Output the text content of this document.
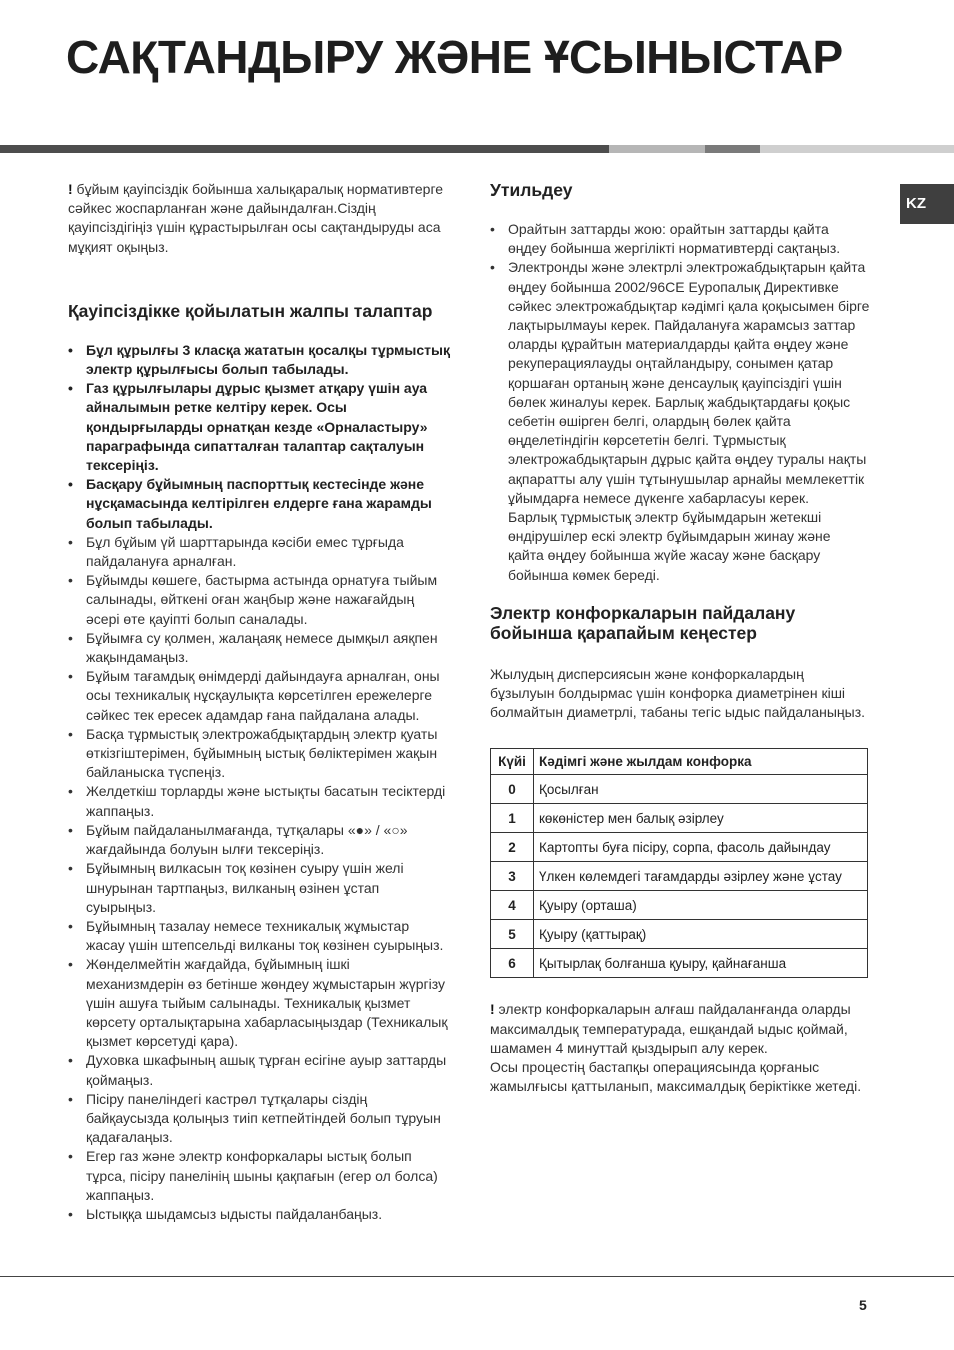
САҚТАНДЫРУ ЖӘНЕ ҰСЫНЫСТАР
KZ

! бұйым қауіпсіздік бойынша халықаралық нормативтерге сәйкес жоспарланған және дайындалған.Сіздің қауіпсіздігіңіз үшін құрастырылған осы сақтандыруды аса мұқият оқыңыз.

Қауіпсіздікке қойылатын жалпы талаптар
• Бұл құрылғы 3 класқа жататын қосалқы тұрмыстық электр құрылғысы болып табылады.
• Газ құрылғылары дұрыс қызмет атқару үшін ауа айналымын ретке келтіру керек. Осы қондырғыларды орнатқан кезде «Орналастыру» параграфында сипатталған талаптар сақталуын тексеріңіз.
• Басқару бұйымның паспорттық кестесінде және нұсқамасында келтірілген елдерге ғана жарамды болып табылады.
• Бұл бұйым үй шарттарында кәсіби емес тұрғыда пайдалануға арналған.
• Бұйымды көшеге, бастырма астында орнатуға тыйым салынады, өйткені оған жаңбыр және нажағайдың әсері өте қауіпті болып саналады.
• Бұйымға су қолмен, жалаңаяқ немесе дымқыл аяқпен жақындамаңыз.
• Бұйым тағамдық өнімдерді дайындауға арналған, оны осы техникалық нұсқаулықта көрсетілген ережелерге сәйкес тек ересек адамдар ғана пайдалана алады.
• Басқа тұрмыстық электрожабдықтардың электр қуаты өткізгіштерімен, бұйымның ыстық бөліктерімен жақын байланыска түспеңіз.
• Желдеткіш торларды және ыстықты басатын тесіктерді жаппаңыз.
• Бұйым пайдаланылмағанда, тұтқалары «●» / «○» жағдайында болуын ылғи тексеріңіз.
• Бұйымның вилкасын тоқ көзінен суыру үшін желі шнурынан тартпаңыз, вилканың өзінен ұстап суырыңыз.
• Бұйымның тазалау немесе техникалық жұмыстар жасау үшін штепсельді вилканы тоқ көзінен суырыңыз.
• Жөнделмейтін жағдайда, бұйымның ішкі механизмдерін өз бетінше жөндеу жұмыстарын жүргізу үшін ашуға тыйым салынады. Техникалық қызмет көрсету орталықтарына хабарласыңыздар (Техникалық қызмет көрсетуді қара).
• Духовка шкафының ашық тұрған есігіне ауыр заттарды қоймаңыз.
• Пісіру панеліндегі кастрөл тұтқалары сіздің байқаусызда қолыңыз тиіп кетпейтіндей болып тұруын қадағалаңыз.
• Егер газ және электр конфоркалары ыстық болып тұрса, пісіру панелінің шыны қақпағын (егер ол болса) жаппаңыз.
• Ыстыққа шыдамсыз ыдысты пайдаланбаңыз.
Утильдеу
• Орайтын заттарды жою: орайтын заттарды қайта өңдеу бойынша жергілікті нормативтерді сақтаңыз.
• Электронды және электрлі электрожабдықтарын қайта өңдеу бойынша 2002/96CE Еуропалық Директивке сәйкес электрожабдықтар кәдімгі қала қоқысымен бірге лақтырылмауы керек. Пайдалануға жарамсыз заттар оларды құрайтын материалдарды қайта өңдеу және рекуперациялауды оңтайландыру, сонымен қатар қоршаған ортаның және денсаулық қауіпсіздігі үшін бөлек жиналуы керек. Барлық жабдықтардағы қоқыс себетін өшірген белгі, олардың бөлек қайта өңделетіндігін көрсететін белгі. Тұрмыстық электрожабдықтарын дұрыс қайта өңдеу туралы нақты ақпаратты алу үшін тұтынушылар арнайы мемлекеттік ұйымдарға немесе дүкенге хабарласуы керек.
Барлық тұрмыстық электр бұйымдарын жетекші өндірушілер ескі электр бұйымдарын жинау және қайта өңдеу бойынша жүйе жасау және басқару бойынша көмек береді.
Электр конфоркаларын пайдалану бойынша қарапайым кеңестер

Жылудың дисперсиясын және конфоркалардың бұзылуын болдырмас үшін конфорка диаметрінен кіші болмайтын диаметрлі, табаны тегіс ыдыс пайдаланыңыз.

Күйі	Кәдімгі және жылдам конфорка
0	Қосылған
1	көкөністер мен балық әзірлеу
2	Картопты буға пісіру, сорпа, фасоль дайындау
3	Үлкен көлемдегі тағамдарды әзірлеу және ұстау
4	Қуыру (орташа)
5	Қуыру (қаттырақ)
6	Қытырлақ болғанша қуыру, қайнағанша

! электр конфоркаларын алғаш пайдаланғанда оларды максималдық температурада, ешқандай ыдыс қоймай, шамамен 4 минуттай қыздырып алу керек.
Осы процестің бастапқы операциясында қорғаныс жамылғысы қаттыланып, максималдық беріктікке жетеді.

5
